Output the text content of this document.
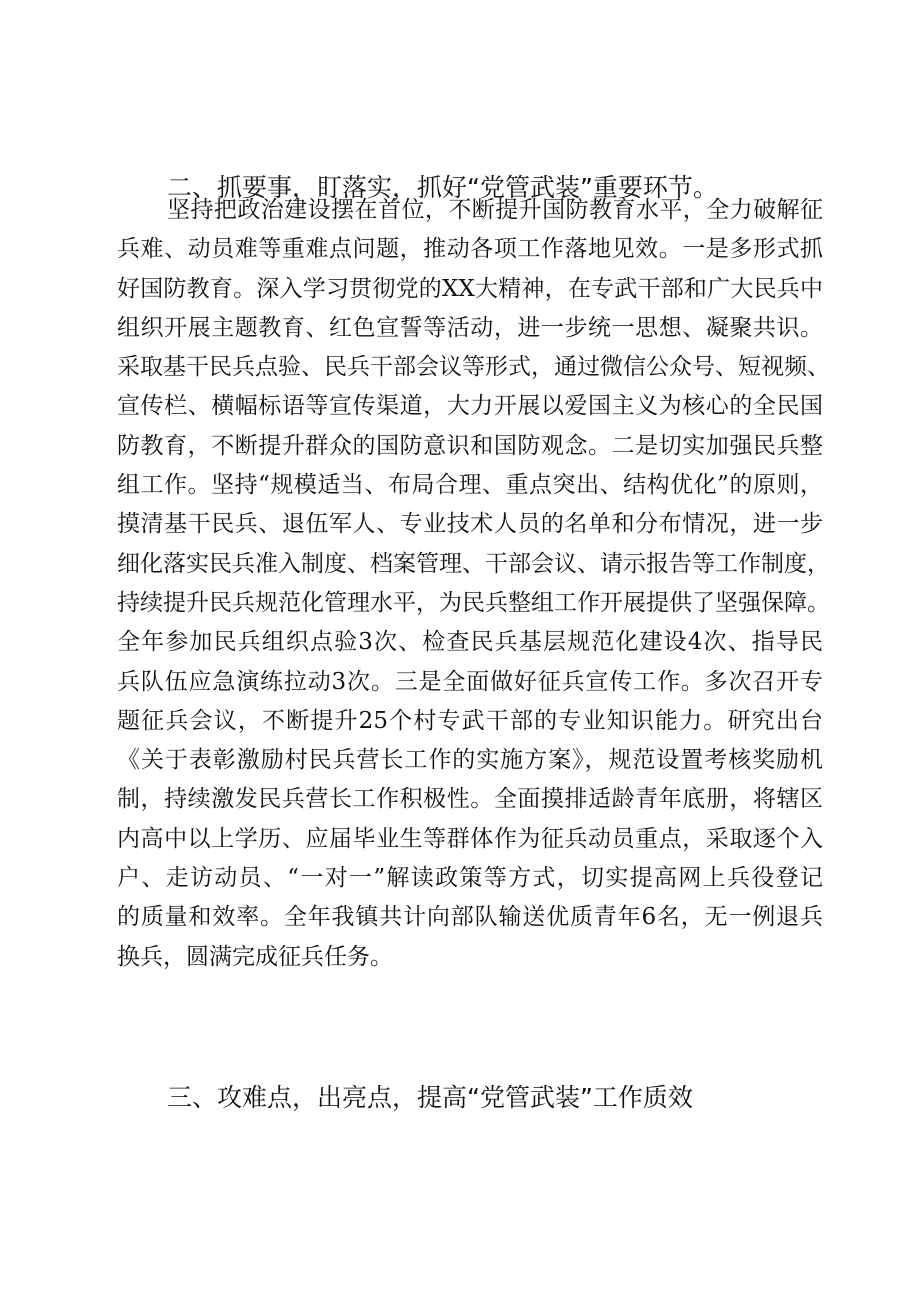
二、抓要事，盯落实，抓好“党管武装”重要环节。
坚持把政治建设摆在首位，不断提升国防教育水平，全力破解征
兵难、动员难等重难点问题，推动各项工作落地见效。一是多形式抓
好国防教育。深入学习贯彻党的XX大精神，在专武干部和广大民兵中
组织开展主题教育、红色宣誓等活动，进一步统一思想、凝聚共识。
采取基干民兵点验、民兵干部会议等形式，通过微信公众号、短视频、
宣传栏、横幅标语等宣传渠道，大力开展以爱国主义为核心的全民国
防教育，不断提升群众的国防意识和国防观念。二是切实加强民兵整
组工作。坚持“规模适当、布局合理、重点突出、结构优化”的原则，
摸清基干民兵、退伍军人、专业技术人员的名单和分布情况，进一步
细化落实民兵准入制度、档案管理、干部会议、请示报告等工作制度，
持续提升民兵规范化管理水平，为民兵整组工作开展提供了坚强保障。
全年参加民兵组织点验3次、检查民兵基层规范化建设4次、指导民
兵队伍应急演练拉动3次。三是全面做好征兵宣传工作。多次召开专
题征兵会议，不断提升25个村专武干部的专业知识能力。研究出台
《关于表彰激励村民兵营长工作的实施方案》，规范设置考核奖励机
制，持续激发民兵营长工作积极性。全面摸排适龄青年底册，将辖区
内高中以上学历、应届毕业生等群体作为征兵动员重点，采取逐个入
户、走访动员、“一对一”解读政策等方式，切实提高网上兵役登记
的质量和效率。全年我镇共计向部队输送优质青年6名，无一例退兵
换兵，圆满完成征兵任务。
三、攻难点，出亮点，提高“党管武装”工作质效
